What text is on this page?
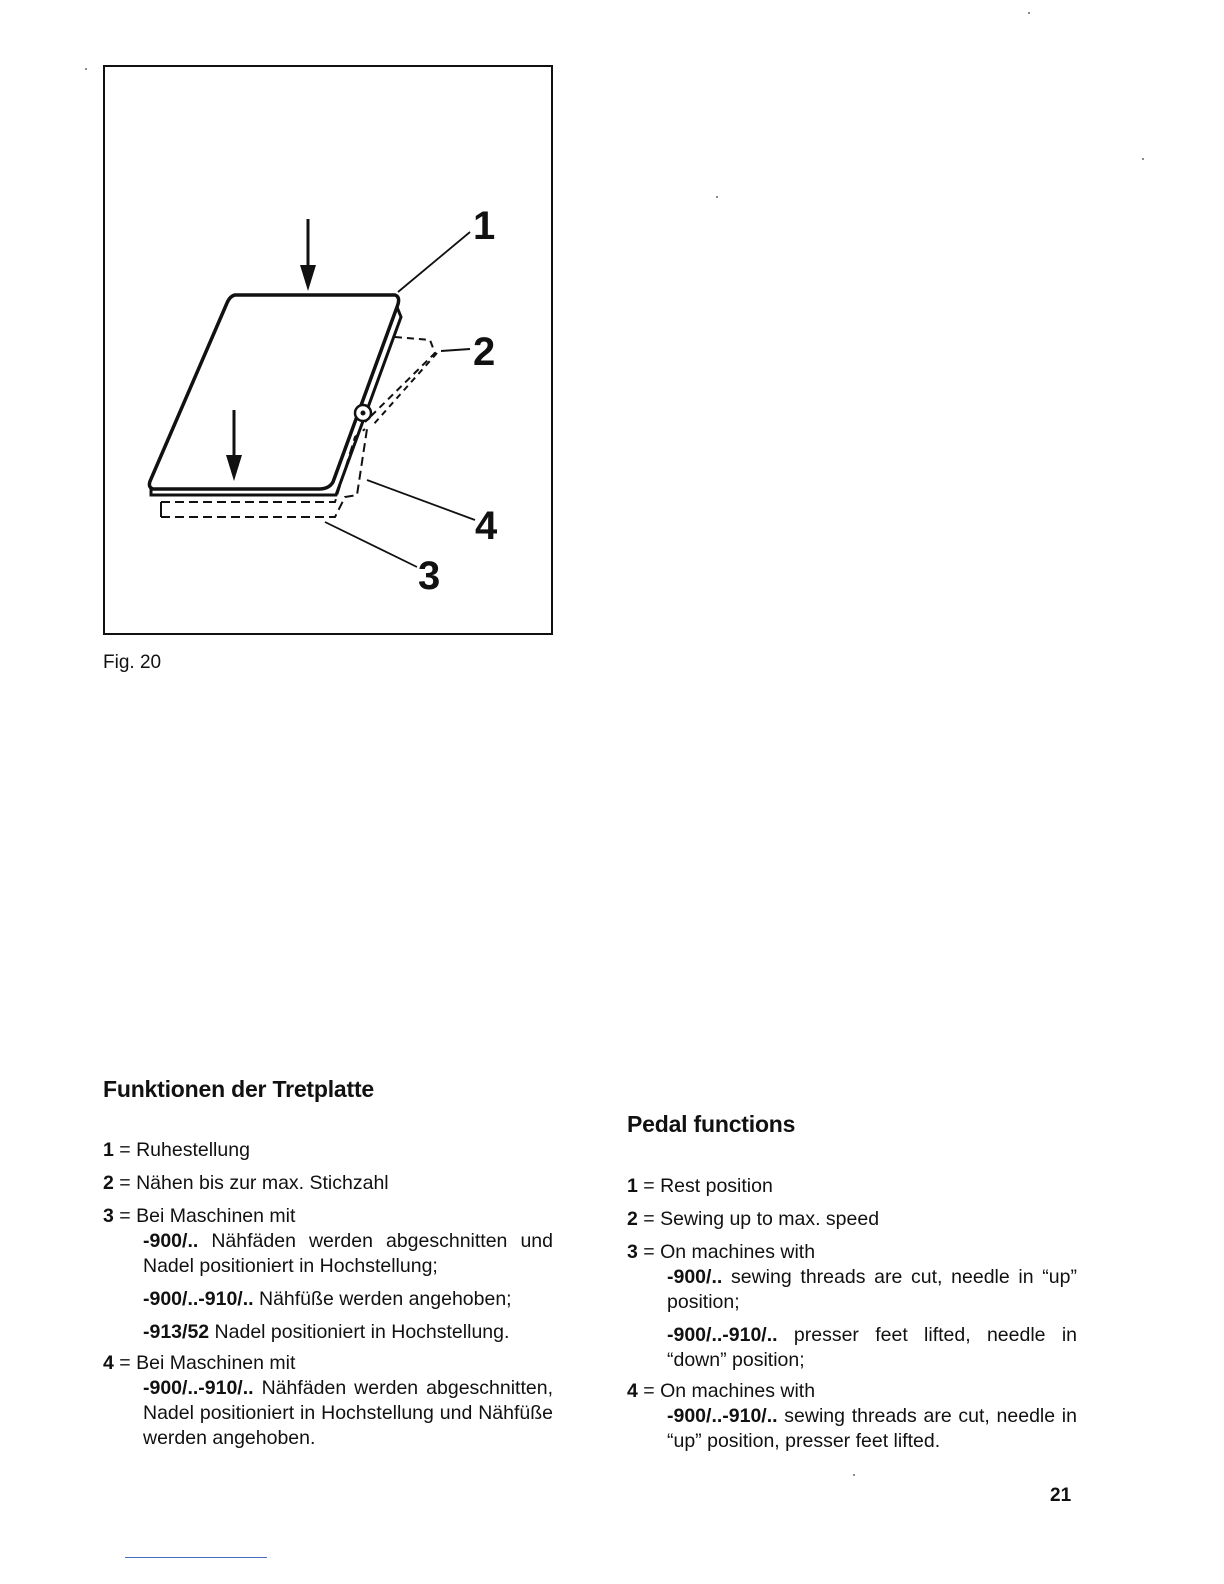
1
2
4
3
Fig. 20
Funktionen der Tretplatte
1 = Ruhestellung
2 = Nähen bis zur max. Stichzahl
3 = Bei Maschinen mit
-900/.. Nähfäden werden abgeschnitten und Nadel positioniert in Hochstellung;
-900/..-910/.. Nähfüße werden angehoben;
-913/52 Nadel positioniert in Hochstellung.
4 = Bei Maschinen mit
-900/..-910/.. Nähfäden werden abgeschnitten, Nadel positioniert in Hochstellung und Nähfüße werden angehoben.
Pedal functions
1 = Rest position
2 = Sewing up to max. speed
3 = On machines with
-900/.. sewing threads are cut, needle in “up” position;
-900/..-910/.. presser feet lifted, needle in “down” position;
4 = On machines with
-900/..-910/.. sewing threads are cut, needle in “up” position, presser feet lifted.
21
